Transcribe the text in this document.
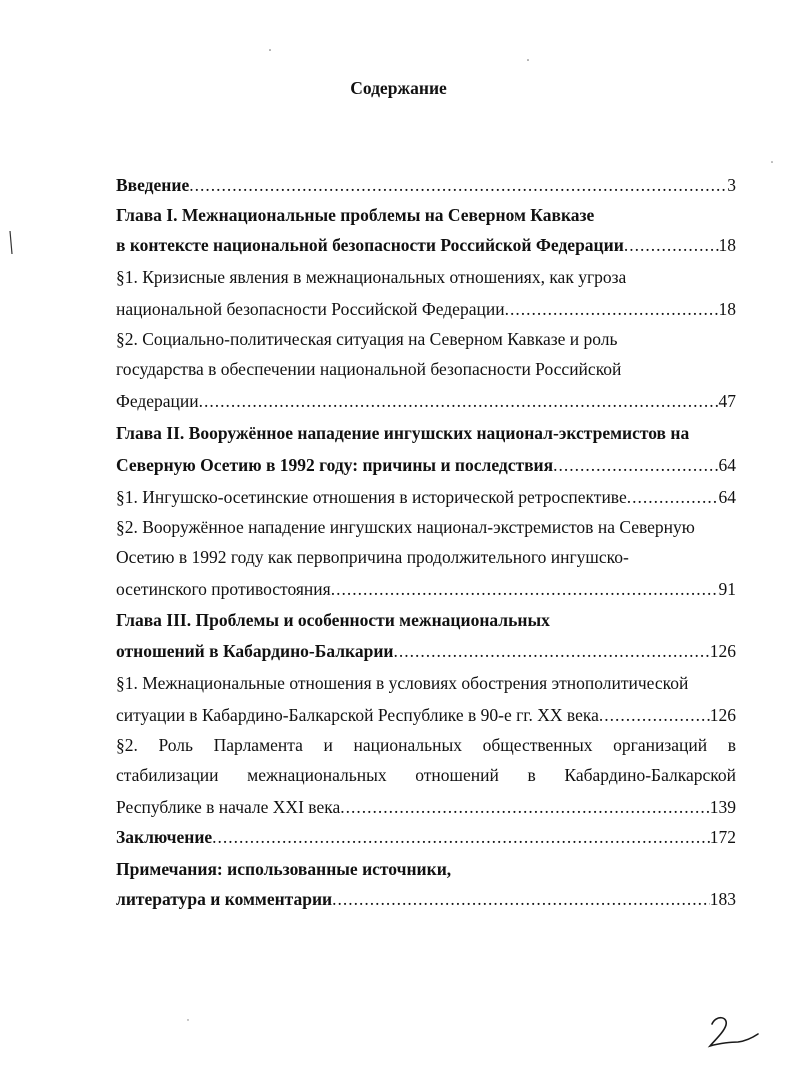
Содержание
Введение .....	3
Глава I. Межнациональные проблемы на Северном Кавказе
в контексте национальной безопасности Российской Федерации .....	18
§1. Кризисные явления в межнациональных отношениях, как угроза
национальной безопасности Российской Федерации .....	18
§2. Социально-политическая ситуация на Северном Кавказе и роль
государства в обеспечении национальной безопасности Российской
Федерации .....	47
Глава II. Вооружённое нападение ингушских национал-экстремистов на
Северную Осетию в 1992 году: причины и последствия .....	64
§1. Ингушско-осетинские отношения в исторической ретроспективе .....	64
§2. Вооружённое нападение ингушских национал-экстремистов на Северную
Осетию в 1992 году как первопричина продолжительного ингушско-
осетинского противостояния .....	91
Глава III. Проблемы и особенности межнациональных
отношений в Кабардино-Балкарии .....	126
§1. Межнациональные отношения в условиях обострения этнополитической
ситуации в Кабардино-Балкарской Республике в 90-е гг. XX века .....	126
§2. Роль Парламента и национальных общественных организаций в
стабилизации межнациональных отношений в Кабардино-Балкарской
Республике в начале XXI века .....	139
Заключение .....	172
Примечания: использованные источники,
литература и комментарии .....	183
